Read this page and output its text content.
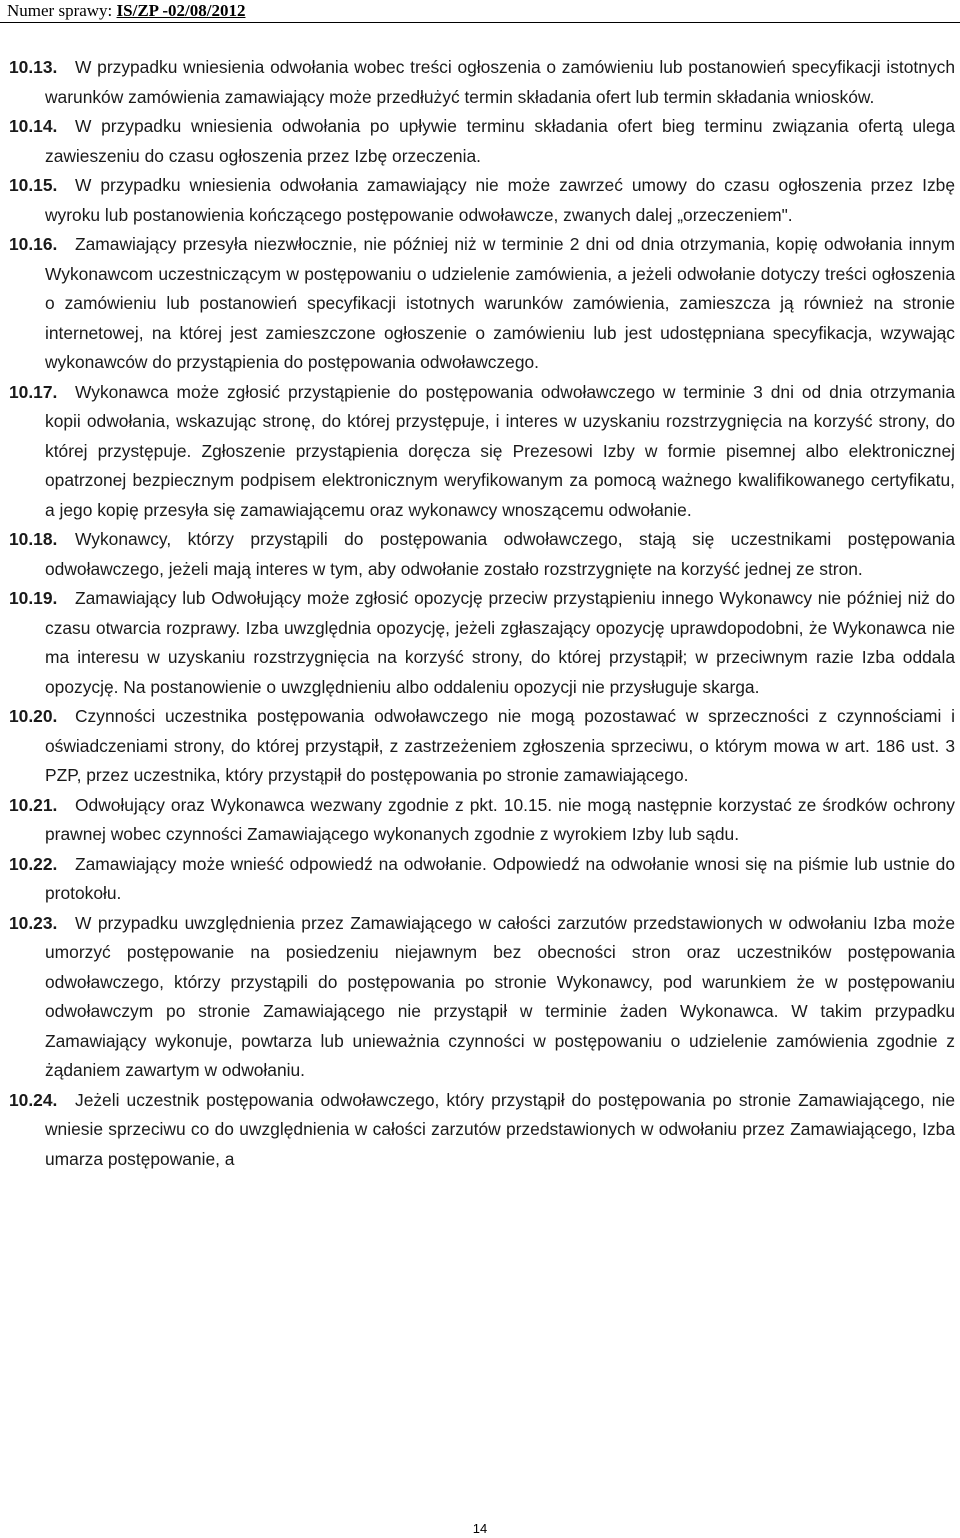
Numer sprawy: IS/ZP -02/08/2012
10.13.	W przypadku wniesienia odwołania wobec treści ogłoszenia o zamówieniu lub postanowień specyfikacji istotnych warunków zamówienia zamawiający może przedłużyć termin składania ofert lub termin składania wniosków.
10.14.	W przypadku wniesienia odwołania po upływie terminu składania ofert bieg terminu związania ofertą ulega zawieszeniu do czasu ogłoszenia przez Izbę orzeczenia.
10.15.	W przypadku wniesienia odwołania zamawiający nie może zawrzeć umowy do czasu ogłoszenia przez Izbę wyroku lub postanowienia kończącego postępowanie odwoławcze, zwanych dalej „orzeczeniem".
10.16.	Zamawiający przesyła niezwłocznie, nie później niż w terminie 2 dni od dnia otrzymania, kopię odwołania innym Wykonawcom uczestniczącym w postępowaniu o udzielenie zamówienia, a jeżeli odwołanie dotyczy treści ogłoszenia o zamówieniu lub postanowień specyfikacji istotnych warunków zamówienia, zamieszcza ją również na stronie internetowej, na której jest zamieszczone ogłoszenie o zamówieniu lub jest udostępniana specyfikacja, wzywając wykonawców do przystąpienia do postępowania odwoławczego.
10.17.	Wykonawca może zgłosić przystąpienie do postępowania odwoławczego w terminie 3 dni od dnia otrzymania kopii odwołania, wskazując stronę, do której przystępuje, i interes w uzyskaniu rozstrzygnięcia na korzyść strony, do której przystępuje. Zgłoszenie przystąpienia doręcza się Prezesowi Izby w formie pisemnej albo elektronicznej opatrzonej bezpiecznym podpisem elektronicznym weryfikowanym za pomocą ważnego kwalifikowanego certyfikatu, a jego kopię przesyła się zamawiającemu oraz wykonawcy wnoszącemu odwołanie.
10.18.	Wykonawcy, którzy przystąpili do postępowania odwoławczego, stają się uczestnikami postępowania odwoławczego, jeżeli mają interes w tym, aby odwołanie zostało rozstrzygnięte na korzyść jednej ze stron.
10.19.	Zamawiający lub Odwołujący może zgłosić opozycję przeciw przystąpieniu innego Wykonawcy nie później niż do czasu otwarcia rozprawy. Izba uwzględnia opozycję, jeżeli zgłaszający opozycję uprawdopodobni, że Wykonawca nie ma interesu w uzyskaniu rozstrzygnięcia na korzyść strony, do której przystąpił; w przeciwnym razie Izba oddala opozycję. Na postanowienie o uwzględnieniu albo oddaleniu opozycji nie przysługuje skarga.
10.20.	Czynności uczestnika postępowania odwoławczego nie mogą pozostawać w sprzeczności z czynnościami i oświadczeniami strony, do której przystąpił, z zastrzeżeniem zgłoszenia sprzeciwu, o którym mowa w art. 186 ust. 3 PZP, przez uczestnika, który przystąpił do postępowania po stronie zamawiającego.
10.21.	Odwołujący oraz Wykonawca wezwany zgodnie z pkt. 10.15. nie mogą następnie korzystać ze środków ochrony prawnej wobec czynności Zamawiającego wykonanych zgodnie z wyrokiem Izby lub sądu.
10.22.	Zamawiający może wnieść odpowiedź na odwołanie. Odpowiedź na odwołanie wnosi się na piśmie lub ustnie do protokołu.
10.23.	W przypadku uwzględnienia przez Zamawiającego w całości zarzutów przedstawionych w odwołaniu Izba może umorzyć postępowanie na posiedzeniu niejawnym bez obecności stron oraz uczestników postępowania odwoławczego, którzy przystąpili do postępowania po stronie Wykonawcy, pod warunkiem że w postępowaniu odwoławczym po stronie Zamawiającego nie przystąpił w terminie żaden Wykonawca. W takim przypadku Zamawiający wykonuje, powtarza lub unieważnia czynności w postępowaniu o udzielenie zamówienia zgodnie z żądaniem zawartym w odwołaniu.
10.24.	Jeżeli uczestnik postępowania odwoławczego, który przystąpił do postępowania po stronie Zamawiającego, nie wniesie sprzeciwu co do uwzględnienia w całości zarzutów przedstawionych w odwołaniu przez Zamawiającego, Izba umarza postępowanie, a
14
